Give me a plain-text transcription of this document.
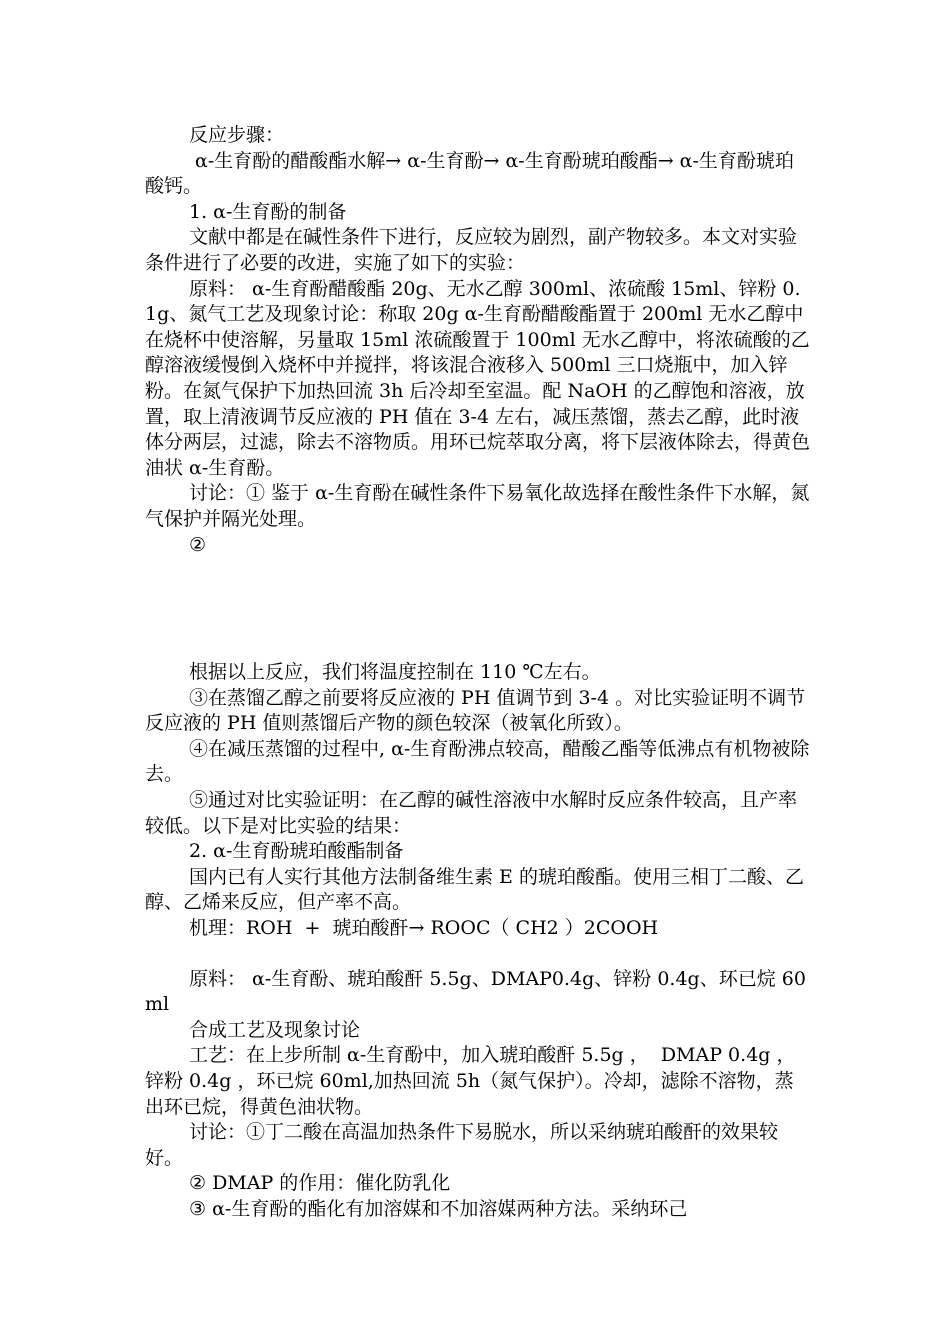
反应步骤：

α-生育酚的醋酸酯水解→ α-生育酚→ α-生育酚琥珀酸酯→ α-生育酚琥珀酸钙。

1. α-生育酚的制备

文献中都是在碱性条件下进行，反应较为剧烈，副产物较多。本文对实验条件进行了必要的改进，实施了如下的实验：

原料： α-生育酚醋酸酯 20g、无水乙醇 300ml、浓硫酸 15ml、锌粉 0.1g、氮气工艺及现象讨论：称取 20g α-生育酚醋酸酯置于 200ml 无水乙醇中在烧杯中使溶解，另量取 15ml 浓硫酸置于 100ml 无水乙醇中，将浓硫酸的乙醇溶液缓慢倒入烧杯中并搅拌，将该混合液移入 500ml 三口烧瓶中，加入锌粉。在氮气保护下加热回流 3h 后冷却至室温。配 NaOH 的乙醇饱和溶液，放置，取上清液调节反应液的 PH 值在 3-4 左右，减压蒸馏，蒸去乙醇，此时液体分两层，过滤，除去不溶物质。用环已烷萃取分离，将下层液体除去，得黄色油状 α-生育酚。

讨论：① 鉴于 α-生育酚在碱性条件下易氧化故选择在酸性条件下水解，氮气保护并隔光处理。

②

根据以上反应，我们将温度控制在 110 ℃左右。

③在蒸馏乙醇之前要将反应液的 PH 值调节到 3-4 。对比实验证明不调节反应液的 PH 值则蒸馏后产物的颜色较深（被氧化所致）。

④在减压蒸馏的过程中, α-生育酚沸点较高，醋酸乙酯等低沸点有机物被除去。

⑤通过对比实验证明：在乙醇的碱性溶液中水解时反应条件较高，且产率较低。以下是对比实验的结果：

2. α-生育酚琥珀酸酯制备

国内已有人实行其他方法制备维生素 E 的琥珀酸酯。使用三相丁二酸、乙醇、乙烯来反应，但产率不高。

机理：ROH  +  琥珀酸酐→ ROOC（ CH2 ）2COOH

原料： α-生育酚、琥珀酸酐 5.5g、DMAP0.4g、锌粉 0.4g、环已烷 60ml

合成工艺及现象讨论

工艺：在上步所制 α-生育酚中，加入琥珀酸酐 5.5g ，  DMAP 0.4g ，锌粉 0.4g ，环已烷 60ml,加热回流 5h（氮气保护）。冷却，滤除不溶物，蒸出环已烷，得黄色油状物。

讨论：①丁二酸在高温加热条件下易脱水，所以采纳琥珀酸酐的效果较好。

② DMAP 的作用：催化防乳化

③ α-生育酚的酯化有加溶媒和不加溶媒两种方法。采纳环己
